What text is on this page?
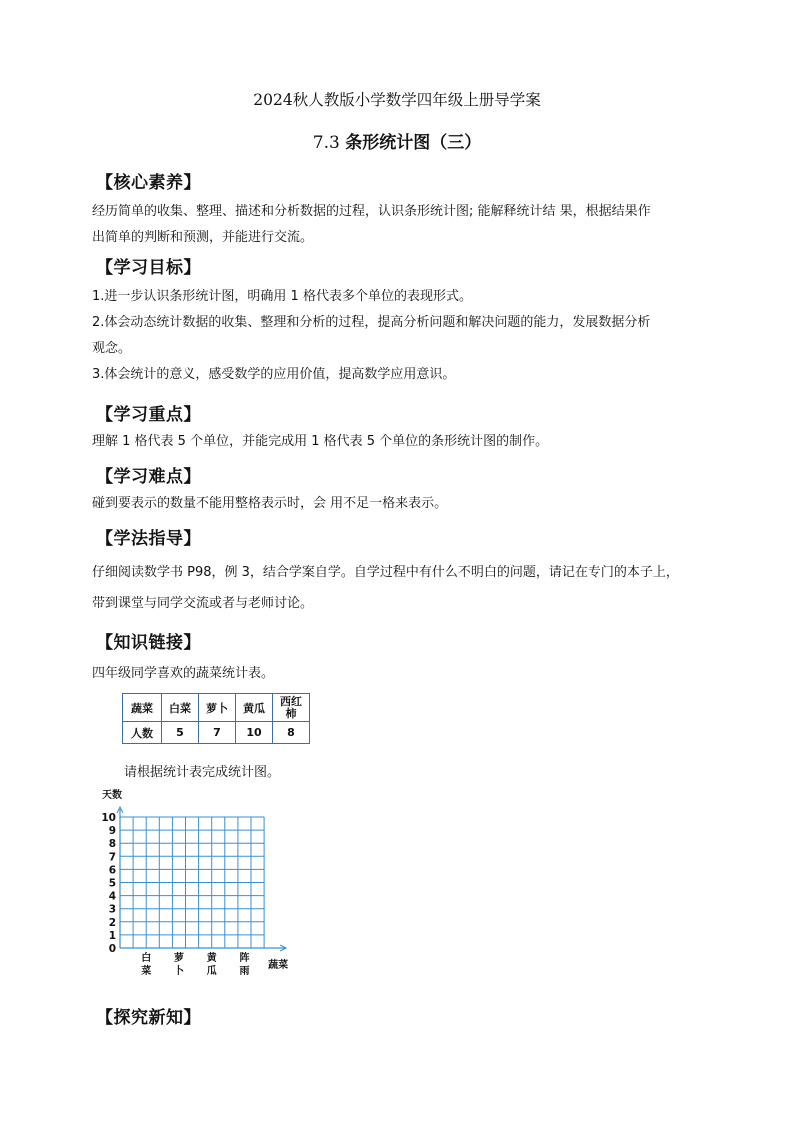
2024秋人教版小学数学四年级上册导学案
7.3 条形统计图（三）
【核心素养】
经历简单的收集、整理、描述和分析数据的过程，认识条形统计图; 能解释统计结 果，根据结果作
出简单的判断和预测，并能进行交流。
【学习目标】
1.进一步认识条形统计图，明确用 1 格代表多个单位的表现形式。
2.体会动态统计数据的收集、整理和分析的过程，提高分析问题和解决问题的能力，发展数据分析
观念。
3.体会统计的意义，感受数学的应用价值，提高数学应用意识。
【学习重点】
理解 1 格代表 5 个单位，并能完成用 1 格代表 5 个单位的条形统计图的制作。
【学习难点】
碰到要表示的数量不能用整格表示时，会 用不足一格来表示。
【学法指导】
仔细阅读数学书 P98，例 3，结合学案自学。自学过程中有什么不明白的问题，请记在专门的本子上，
带到课堂与同学交流或者与老师讨论。
【知识链接】
四年级同学喜欢的蔬菜统计表。
蔬菜	白菜	萝卜	黄瓜	西红
柿
人数	5	7	10	8
请根据统计表完成统计图。
0
1
2
3
4
5
6
7
8
9
10
天数
白
菜
萝
卜
黄
瓜
阵
雨
蔬菜
【探究新知】
